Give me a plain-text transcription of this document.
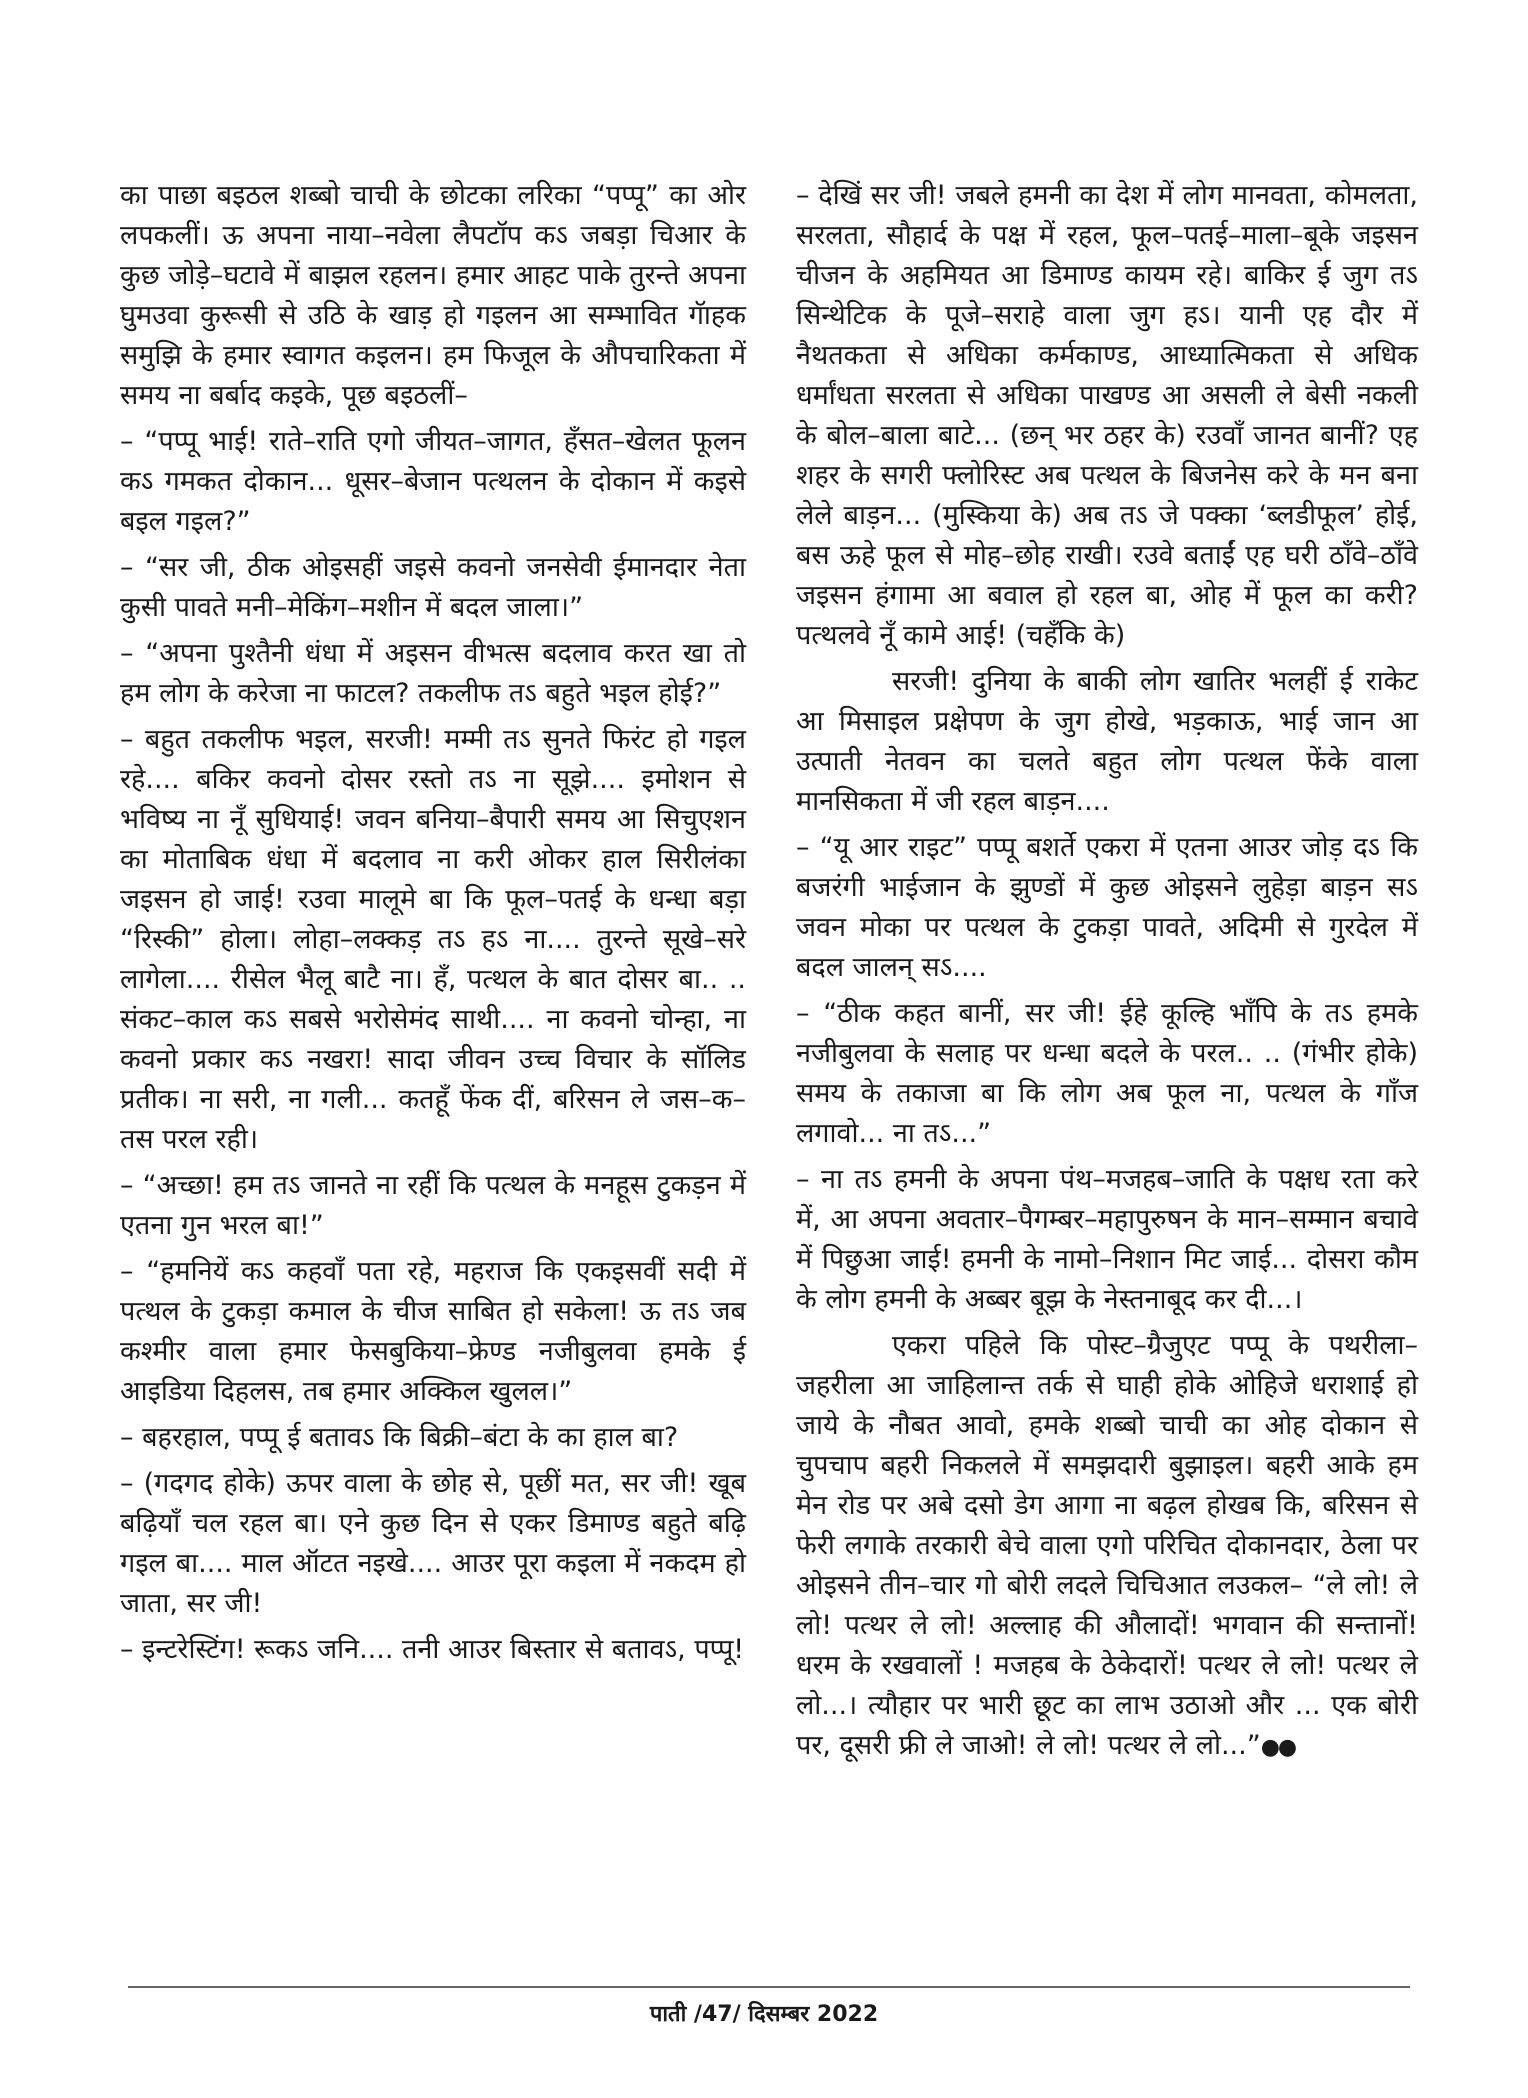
का पाछा बइठल शब्बो चाची के छोटका लरिका “पप्पू” का ओर लपकलीं। ऊ अपना नाया–नवेला लैपटॉप कऽ जबड़ा चिआर के कुछ जोड़े–घटावे में बाझल रहलन। हमार आहट पाके तुरन्ते अपना घुमउवा कुरूसी से उठि के खाड़ हो गइलन आ सम्भावित गॅाहक समुझि के हमार स्वागत कइलन। हम फिजूल के औपचारिकता में समय ना बर्बाद कइके, पूछ बइठलीं–

– “पप्पू भाई! राते–राति एगो जीयत–जागत, हँसत–खेलत फूलन कऽ गमकत दोकान... धूसर–बेजान पत्थलन के दोकान में कइसे बइल गइल?”

– “सर जी, ठीक ओइसहीं जइसे कवनो जनसेवी ईमानदार नेता कुसी पावते मनी–मेकिंग–मशीन में बदल जाला।”

– “अपना पुश्तैनी धंधा में अइसन वीभत्स बदलाव करत खा तो हम लोग के करेजा ना फाटल? तकलीफ तऽ बहुते भइल होई?”

– बहुत तकलीफ भइल, सरजी! मम्मी तऽ सुनते फिरंट हो गइल रहे.... बकिर कवनो दोसर रस्तो तऽ ना सूझे.... इमोशन से भविष्य ना नूँ सुधियाई! जवन बनिया–बैपारी समय आ सिचुएशन का मोताबिक धंधा में बदलाव ना करी ओकर हाल सिरीलंका जइसन हो जाई! रउवा मालूमे बा कि फूल–पतई के धन्धा बड़ा “रिस्की” होला। लोहा–लक्कड़ तऽ हऽ ना.... तुरन्ते सूखे–सरे लागेला.... रीसेल भैलू बाटै ना। हँ, पत्थल के बात दोसर बा.. .. संकट–काल कऽ सबसे भरोसेमंद साथी.... ना कवनो चोन्हा, ना कवनो प्रकार कऽ नखरा! सादा जीवन उच्च विचार के सॉलिड प्रतीक। ना सरी, ना गली... कतहूँ फेंक दीं, बरिसन ले जस–क–तस परल रही।

– “अच्छा! हम तऽ जानते ना रहीं कि पत्थल के मनहूस टुकड़न में एतना गुन भरल बा!”

– “हमनियें कऽ कहवाँ पता रहे, महराज कि एकइसवीं सदी में पत्थल के टुकड़ा कमाल के चीज साबित हो सकेला! ऊ तऽ जब कश्मीर वाला हमार फेसबुकिया–फ्रेण्ड नजीबुलवा हमके ई आइडिया दिहलस, तब हमार अक्किल खुलल।”

– बहरहाल, पप्पू ई बतावऽ कि बिक्री–बंटा के का हाल बा?

– (गदगद होके) ऊपर वाला के छोह से, पूछीं मत, सर जी! खूब बढ़ियाँ चल रहल बा। एने कुछ दिन से एकर डिमाण्ड बहुते बढ़ि गइल बा.... माल ऑटत नइखे.... आउर पूरा कइला में नकदम हो जाता, सर जी!

– इन्टरेस्टिंग! रूकऽ जनि.... तनी आउर बिस्तार से बतावऽ, पप्पू!

– देखिं सर जी! जबले हमनी का देश में लोग मानवता, कोमलता, सरलता, सौहार्द के पक्ष में रहल, फूल–पतई–माला–बूके जइसन चीजन के अहमियत आ डिमाण्ड कायम रहे। बाकिर ई जुग तऽ सिन्थेटिक के पूजे–सराहे वाला जुग हऽ। यानी एह दौर में नैथतकता से अधिका कर्मकाण्ड, आध्यात्मिकता से अधिक धर्मांधता सरलता से अधिका पाखण्ड आ असली ले बेसी नकली के बोल–बाला बाटे... (छन् भर ठहर के) रउवाँ जानत बानीं? एह शहर के सगरी फ्लोरिस्ट अब पत्थल के बिजनेस करे के मन बना लेले बाड़न... (मुस्किया के) अब तऽ जे पक्का ‘ब्लडीफूल’ होई, बस ऊहे फूल से मोह–छोह राखी। रउवे बताईं एह घरी ठाँवे–ठाँवे जइसन हंगामा आ बवाल हो रहल बा, ओह में फूल का करी? पत्थलवे नूँ कामे आई! (चहँकि के)

सरजी! दुनिया के बाकी लोग खातिर भलहीं ई राकेट आ मिसाइल प्रक्षेपण के जुग होखे, भड़काऊ, भाई जान आ उत्पाती नेतवन का चलते बहुत लोग पत्थल फेंके वाला मानसिकता में जी रहल बाड़न....

– “यू आर राइट” पप्पू बशर्ते एकरा में एतना आउर जोड़ दऽ कि बजरंगी भाईजान के झुण्डों में कुछ ओइसने लुहेड़ा बाड़न सऽ जवन मोका पर पत्थल के टुकड़ा पावते, अदिमी से गुरदेल में बदल जालन् सऽ....

– “ठीक कहत बानीं, सर जी! ईहे कूल्हि भाँपि के तऽ हमके नजीबुलवा के सलाह पर धन्धा बदले के परल.. .. (गंभीर होके) समय के तकाजा बा कि लोग अब फूल ना, पत्थल के गाँज लगावो... ना तऽ...”

– ना तऽ हमनी के अपना पंथ–मजहब–जाति के पक्षध रता करे में, आ अपना अवतार–पैगम्बर–महापुरुषन के मान–सम्मान बचावे में पिछुआ जाई! हमनी के नामो–निशान मिट जाई... दोसरा कौम के लोग हमनी के अब्बर बूझ के नेस्तनाबूद कर दी...।

एकरा पहिले कि पोस्ट–ग्रैजुएट पप्पू के पथरीला–जहरीला आ जाहिलान्त तर्क से घाही होके ओहिजे धराशाई हो जाये के नौबत आवो, हमके शब्बो चाची का ओह दोकान से चुपचाप बहरी निकलले में समझदारी बुझाइल। बहरी आके हम मेन रोड पर अबे दसो डेग आगा ना बढ़ल होखब कि, बरिसन से फेरी लगाके तरकारी बेचे वाला एगो परिचित दोकानदार, ठेला पर ओइसने तीन–चार गो बोरी लदले चिचिआत लउकल– “ले लो! ले लो! पत्थर ले लो! अल्लाह की औलादों! भगवान की सन्तानों! धरम के रखवालों ! मजहब के ठेकेदारों! पत्थर ले लो! पत्थर ले लो...। त्यौहार पर भारी छूट का लाभ उठाओ और ... एक बोरी पर, दूसरी फ्री ले जाओ! ले लो! पत्थर ले लो...”●●

पाती /47/ दिसम्बर 2022
